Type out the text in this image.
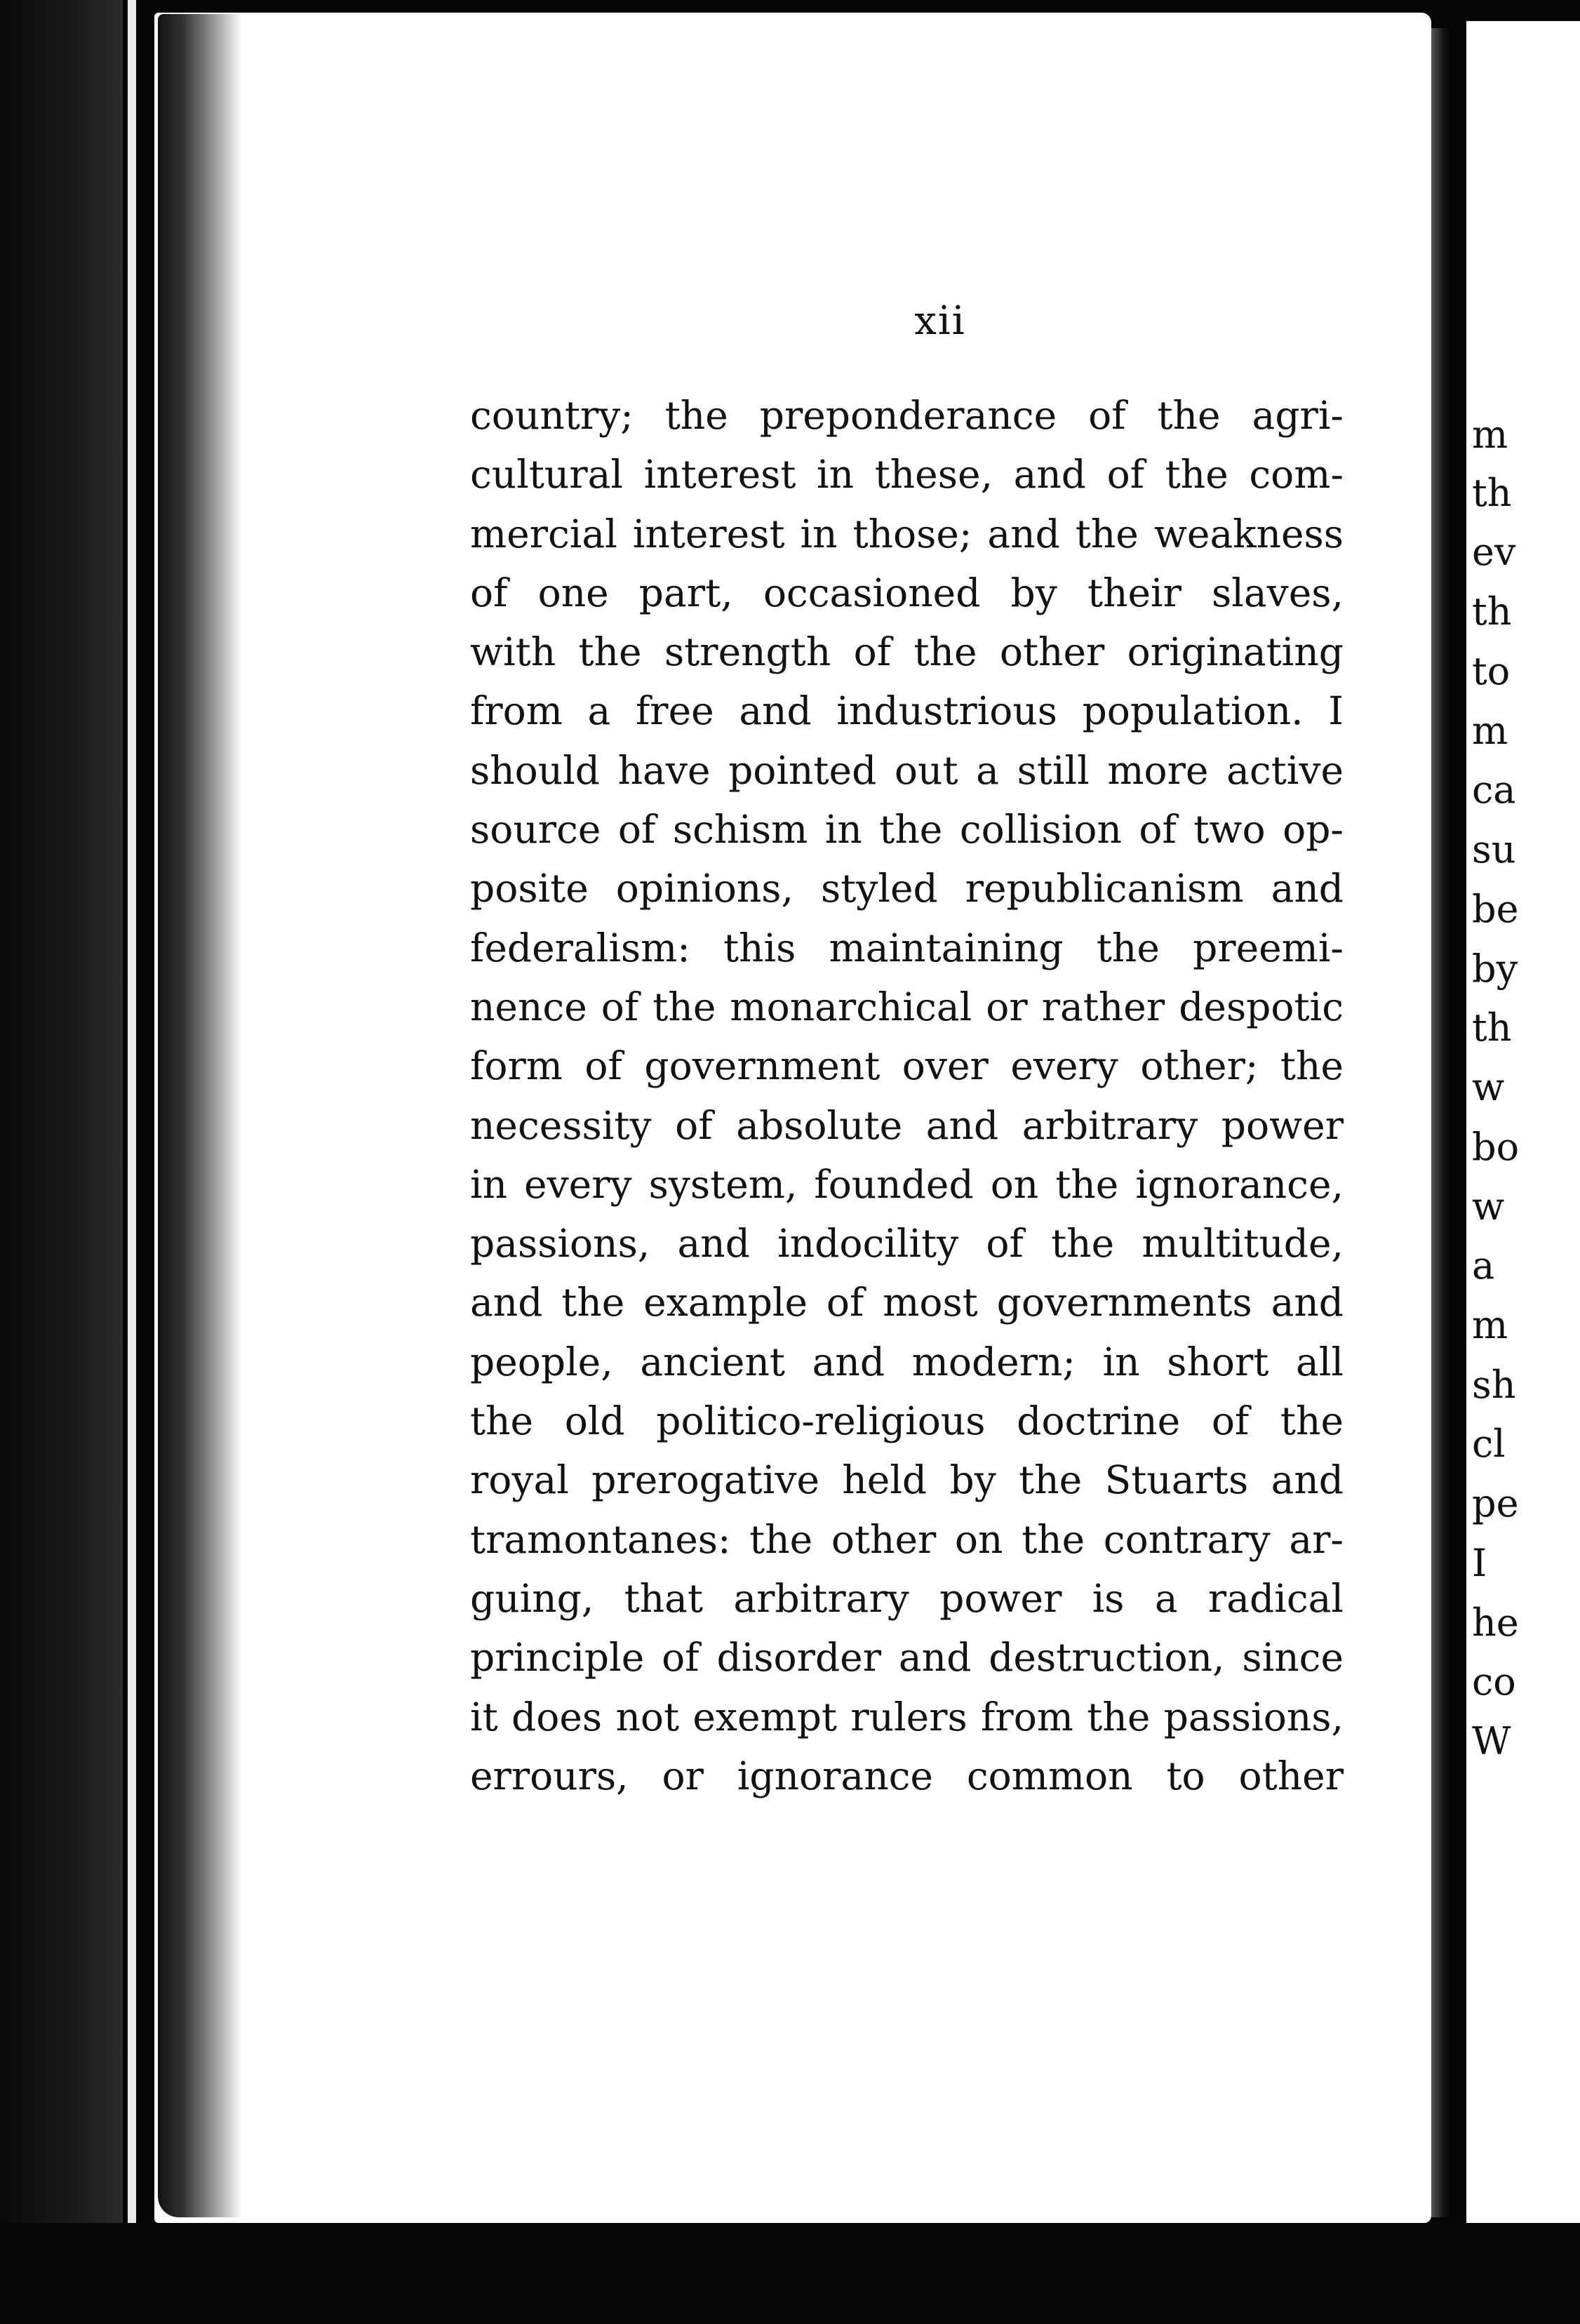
xii
country; the preponderance of the agri-
cultural interest in these, and of the com-
mercial interest in those; and the weakness
of one part, occasioned by their slaves,
with the strength of the other originating
from a free and industrious population. I
should have pointed out a still more active
source of schism in the collision of two op-
posite opinions, styled republicanism and
federalism: this maintaining the preemi-
nence of the monarchical or rather despotic
form of government over every other; the
necessity of absolute and arbitrary power
in every system, founded on the ignorance,
passions, and indocility of the multitude,
and the example of most governments and
people, ancient and modern; in short all
the old politico-religious doctrine of the
royal prerogative held by the Stuarts and
tramontanes: the other on the contrary ar-
guing, that arbitrary power is a radical
principle of disorder and destruction, since
it does not exempt rulers from the passions,
errours, or ignorance common to other
m
th
ev
th
to
m
ca
su
be
by
th
w
bo
w
a
m
sh
cl
pe
I
he
co
W
